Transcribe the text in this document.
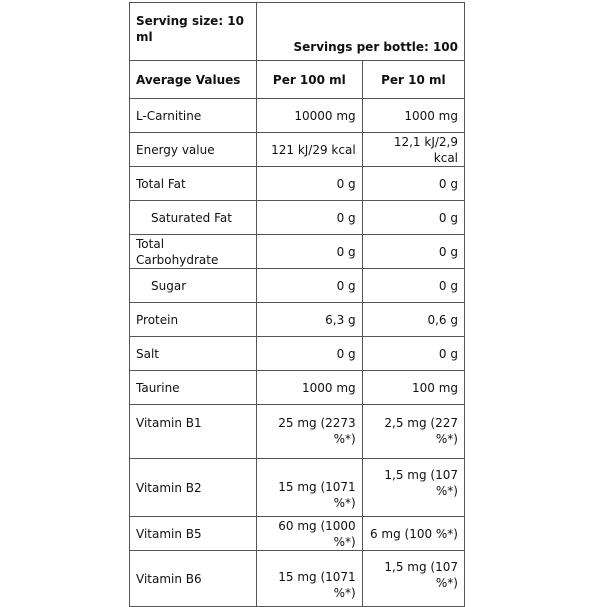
Serving size: 10 ml	Servings per bottle: 100	
Average Values	Per 100 ml	Per 10 ml
L-Carnitine	10000 mg	1000 mg
Energy value	121 kJ/29 kcal	12,1 kJ/2,9 kcal
Total Fat	0 g	0 g
Saturated Fat	0 g	0 g
Total Carbohydrate	0 g	0 g
Sugar	0 g	0 g
Protein	6,3 g	0,6 g
Salt	0 g	0 g
Taurine	1000 mg	100 mg
Vitamin B1	25 mg (2273 %*)	2,5 mg (227 %*)
Vitamin B2	15 mg (1071 %*)	1,5 mg (107 %*)
Vitamin B5	60 mg (1000 %*)	6 mg (100 %*)
Vitamin B6	15 mg (1071 %*)	1,5 mg (107 %*)
